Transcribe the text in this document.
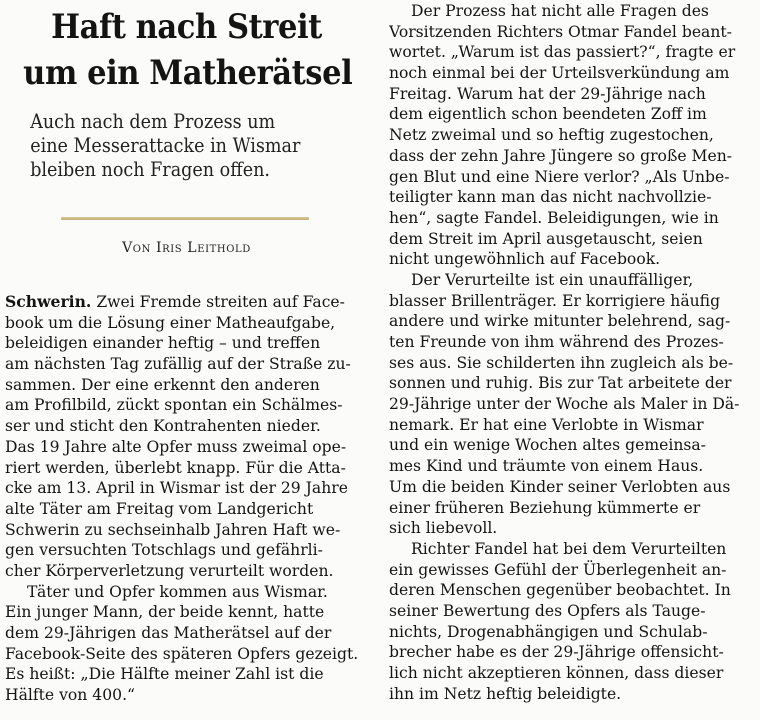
Haft nach Streit
um ein Matherätsel
Auch nach dem Prozess um
eine Messerattacke in Wismar
bleiben noch Fragen offen.
Von Iris Leithold
Schwerin. Zwei Fremde streiten auf Face-
book um die Lösung einer Matheaufgabe,
beleidigen einander heftig – und treffen
am nächsten Tag zufällig auf der Straße zu-
sammen. Der eine erkennt den anderen
am Profilbild, zückt spontan ein Schälmes-
ser und sticht den Kontrahenten nieder.
Das 19 Jahre alte Opfer muss zweimal ope-
riert werden, überlebt knapp. Für die Atta-
cke am 13. April in Wismar ist der 29 Jahre
alte Täter am Freitag vom Landgericht
Schwerin zu sechseinhalb Jahren Haft we-
gen versuchten Totschlags und gefährli-
cher Körperverletzung verurteilt worden.
Täter und Opfer kommen aus Wismar.
Ein junger Mann, der beide kennt, hatte
dem 29-Jährigen das Matherätsel auf der
Facebook-Seite des späteren Opfers gezeigt.
Es heißt: „Die Hälfte meiner Zahl ist die
Hälfte von 400.“
Der Prozess hat nicht alle Fragen des
Vorsitzenden Richters Otmar Fandel beant-
wortet. „Warum ist das passiert?“, fragte er
noch einmal bei der Urteilsverkündung am
Freitag. Warum hat der 29-Jährige nach
dem eigentlich schon beendeten Zoff im
Netz zweimal und so heftig zugestochen,
dass der zehn Jahre Jüngere so große Men-
gen Blut und eine Niere verlor? „Als Unbe-
teiligter kann man das nicht nachvollzie-
hen“, sagte Fandel. Beleidigungen, wie in
dem Streit im April ausgetauscht, seien
nicht ungewöhnlich auf Facebook.
Der Verurteilte ist ein unauffälliger,
blasser Brillenträger. Er korrigiere häufig
andere und wirke mitunter belehrend, sag-
ten Freunde von ihm während des Prozes-
ses aus. Sie schilderten ihn zugleich als be-
sonnen und ruhig. Bis zur Tat arbeitete der
29-Jährige unter der Woche als Maler in Dä-
nemark. Er hat eine Verlobte in Wismar
und ein wenige Wochen altes gemeinsa-
mes Kind und träumte von einem Haus.
Um die beiden Kinder seiner Verlobten aus
einer früheren Beziehung kümmerte er
sich liebevoll.
Richter Fandel hat bei dem Verurteilten
ein gewisses Gefühl der Überlegenheit an-
deren Menschen gegenüber beobachtet. In
seiner Bewertung des Opfers als Tauge-
nichts, Drogenabhängigen und Schulab-
brecher habe es der 29-Jährige offensicht-
lich nicht akzeptieren können, dass dieser
ihn im Netz heftig beleidigte.
